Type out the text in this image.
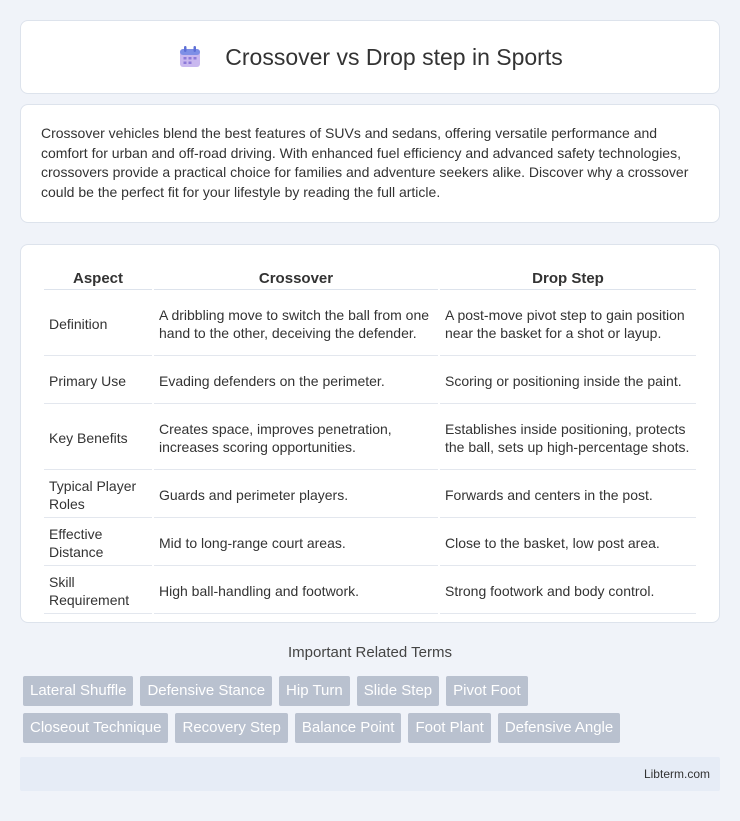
Crossover vs Drop step in Sports

Crossover vehicles blend the best features of SUVs and sedans, offering versatile performance and comfort for urban and off-road driving. With enhanced fuel efficiency and advanced safety technologies, crossovers provide a practical choice for families and adventure seekers alike. Discover why a crossover could be the perfect fit for your lifestyle by reading the full article.

Aspect	Crossover	Drop Step
Definition	A dribbling move to switch the ball from one hand to the other, deceiving the defender.	A post-move pivot step to gain position near the basket for a shot or layup.
Primary Use	Evading defenders on the perimeter.	Scoring or positioning inside the paint.
Key Benefits	Creates space, improves penetration, increases scoring opportunities.	Establishes inside positioning, protects the ball, sets up high-percentage shots.
Typical Player Roles	Guards and perimeter players.	Forwards and centers in the post.
Effective Distance	Mid to long-range court areas.	Close to the basket, low post area.
Skill Requirement	High ball-handling and footwork.	Strong footwork and body control.
Important Related Terms
Lateral Shuffle	Defensive Stance	Hip Turn	Slide Step	Pivot Foot
Closeout Technique	Recovery Step	Balance Point	Foot Plant	Defensive Angle
Libterm.com
